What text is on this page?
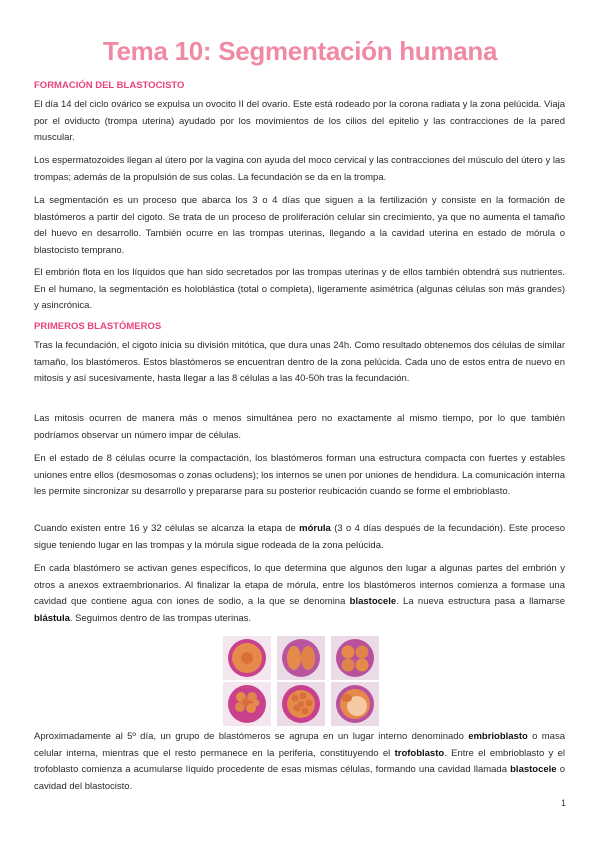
Tema 10: Segmentación humana
FORMACIÓN DEL BLASTOCISTO

El día 14 del ciclo ovárico se expulsa un ovocito II del ovario. Este está rodeado por la corona radiata y la zona pelúcida. Viaja por el oviducto (trompa uterina) ayudado por los movimientos de los cilios del epitelio y las contracciones de la pared muscular.

Los espermatozoides llegan al útero por la vagina con ayuda del moco cervical y las contracciones del músculo del útero y las trompas; además de la propulsión de sus colas. La fecundación se da en la trompa.

La segmentación es un proceso que abarca los 3 o 4 días que siguen a la fertilización y consiste en la formación de blastómeros a partir del cigoto. Se trata de un proceso de proliferación celular sin crecimiento, ya que no aumenta el tamaño del huevo en desarrollo. También ocurre en las trompas uterinas, llegando a la cavidad uterina en estado de mórula o blastocisto temprano.

El embrión flota en los líquidos que han sido secretados por las trompas uterinas y de ellos también obtendrá sus nutrientes. En el humano, la segmentación es holoblástica (total o completa), ligeramente asimétrica (algunas células son más grandes) y asincrónica.

PRIMEROS BLASTÓMEROS

Tras la fecundación, el cigoto inicia su división mitótica, que dura unas 24h. Como resultado obtenemos dos células de similar tamaño, los blastómeros. Estos blastómeros se encuentran dentro de la zona pelúcida. Cada uno de estos entra de nuevo en mitosis y así sucesivamente, hasta llegar a las 8 células a las 40-50h tras la fecundación.

Las mitosis ocurren de manera más o menos simultánea pero no exactamente al mismo tiempo, por lo que también podríamos observar un número impar de células.

En el estado de 8 células ocurre la compactación, los blastómeros forman una estructura compacta con fuertes y estables uniones entre ellos (desmosomas o zonas ocludens); los internos se unen por uniones de hendidura. La comunicación interna les permite sincronizar su desarrollo y prepararse para su posterior reubicación cuando se forme el embrioblasto.

Cuando existen entre 16 y 32 células se alcanza la etapa de mórula (3 o 4 días después de la fecundación). Este proceso sigue teniendo lugar en las trompas y la mórula sigue rodeada de la zona pelúcida.

En cada blastómero se activan genes específicos, lo que determina que algunos den lugar a algunas partes del embrión y otros a anexos extraembrionarios. Al finalizar la etapa de mórula, entre los blastómeros internos comienza a formase una cavidad que contiene agua con iones de sodio, a la que se denomina blastocele. La nueva estructura pasa a llamarse blástula. Seguimos dentro de las trompas uterinas.

Aproximadamente al 5º día, un grupo de blastómeros se agrupa en un lugar interno denominado embrioblasto o masa celular interna, mientras que el resto permanece en la periferia, constituyendo el trofoblasto. Entre el embrioblasto y el trofoblasto comienza a acumularse líquido procedente de esas mismas células, formando una cavidad llamada blastocele o cavidad del blastocisto.

1
